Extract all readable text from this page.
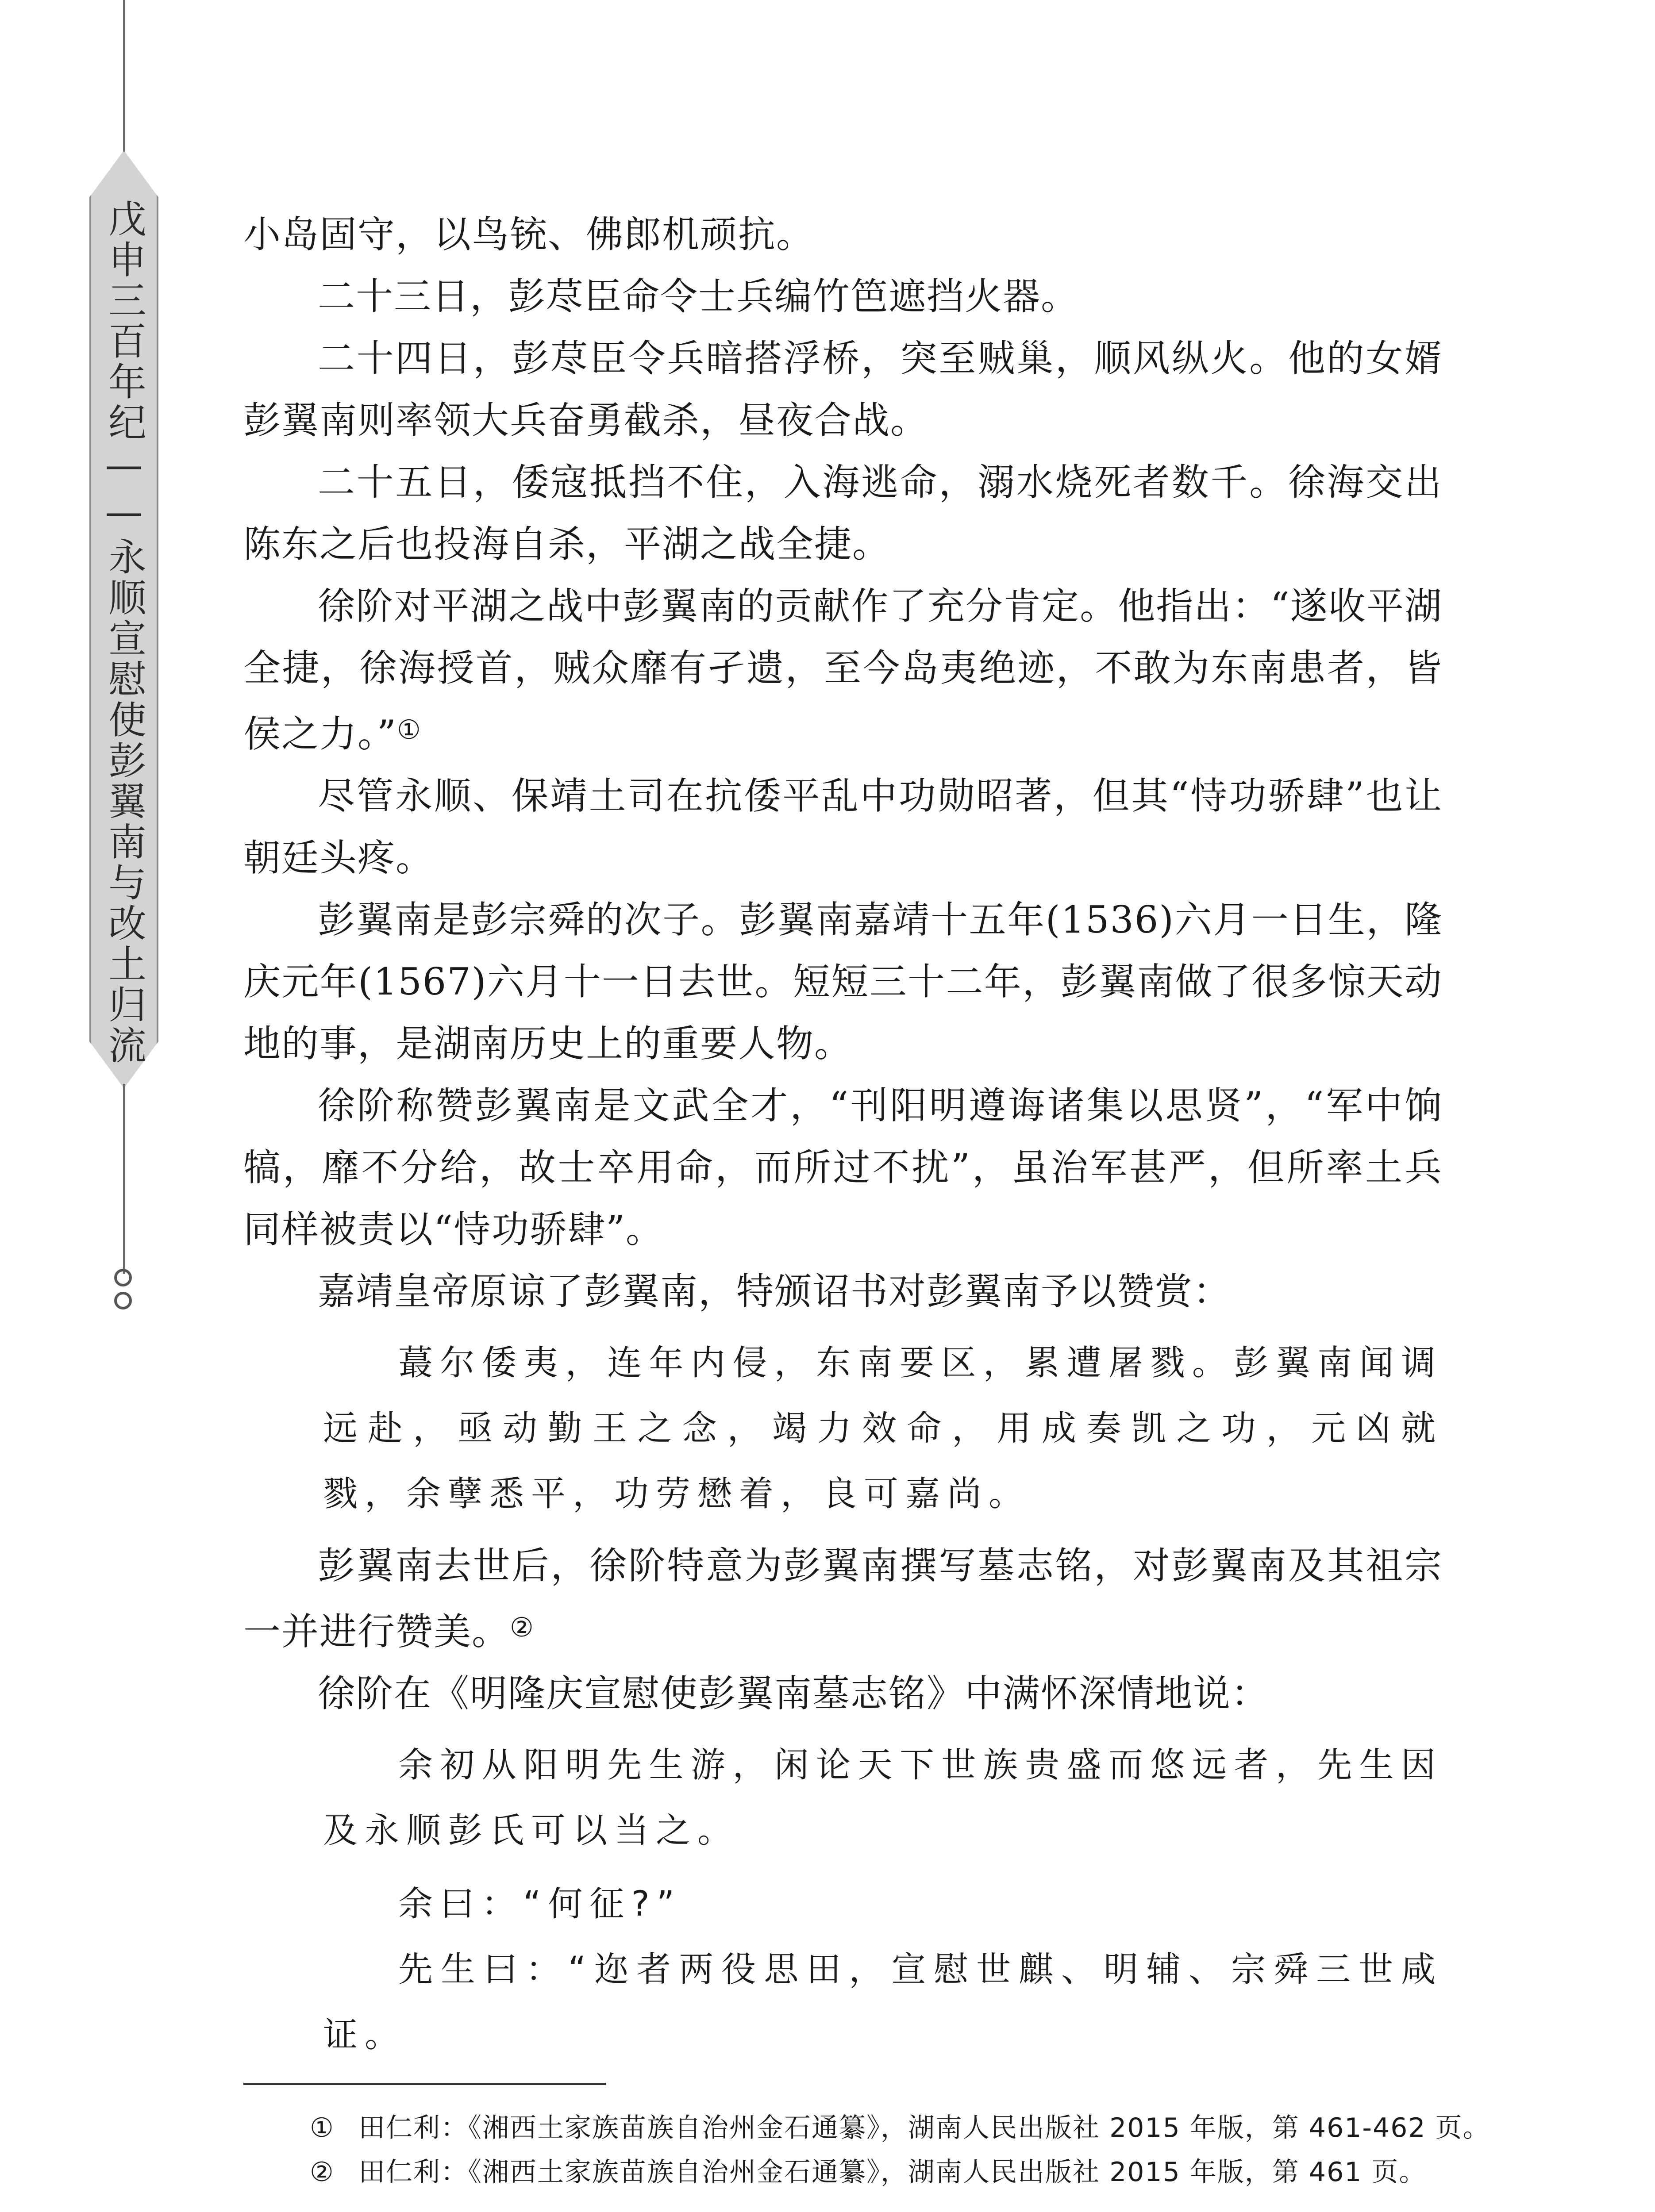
戊申三百年纪——永顺宣慰使彭翼南与改土归流	小岛固守，以鸟铳、佛郎机顽抗。

二十三日，彭荩臣命令士兵编竹笆遮挡火器。

二十四日，彭荩臣令兵暗搭浮桥，突至贼巢，顺风纵火。他的女婿彭翼南则率领大兵奋勇截杀，昼夜合战。

二十五日，倭寇抵挡不住，入海逃命，溺水烧死者数千。徐海交出陈东之后也投海自杀，平湖之战全捷。

徐阶对平湖之战中彭翼南的贡献作了充分肯定。他指出：“遂收平湖全捷，徐海授首，贼众靡有孑遗，至今岛夷绝迹，不敢为东南患者，皆侯之力。”①

尽管永顺、保靖土司在抗倭平乱中功勋昭著，但其“恃功骄肆”也让朝廷头疼。

彭翼南是彭宗舜的次子。彭翼南嘉靖十五年(1536)六月一日生，隆庆元年(1567)六月十一日去世。短短三十二年，彭翼南做了很多惊天动地的事，是湖南历史上的重要人物。

徐阶称赞彭翼南是文武全才，“刊阳明遵诲诸集以思贤”，“军中饷犒，靡不分给，故士卒用命，而所过不扰”，虽治军甚严，但所率土兵同样被责以“恃功骄肆”。

嘉靖皇帝原谅了彭翼南，特颁诏书对彭翼南予以赞赏：

蕞尔倭夷，连年内侵，东南要区，累遭屠戮。彭翼南闻调远赴，亟动勤王之念，竭力效命，用成奏凯之功，元凶就戮，余孽悉平，功劳懋着，良可嘉尚。

彭翼南去世后，徐阶特意为彭翼南撰写墓志铭，对彭翼南及其祖宗一并进行赞美。②

徐阶在《明隆庆宣慰使彭翼南墓志铭》中满怀深情地说：

余初从阳明先生游，闲论天下世族贵盛而悠远者，先生因及永顺彭氏可以当之。

余曰：“何征?”

先生曰：“迩者两役思田，宣慰世麒、明辅、宗舜三世咸证。

① 田仁利：《湘西土家族苗族自治州金石通纂》，湖南人民出版社 2015 年版，第 461-462 页。
② 田仁利：《湘西土家族苗族自治州金石通纂》，湖南人民出版社 2015 年版，第 461 页。
